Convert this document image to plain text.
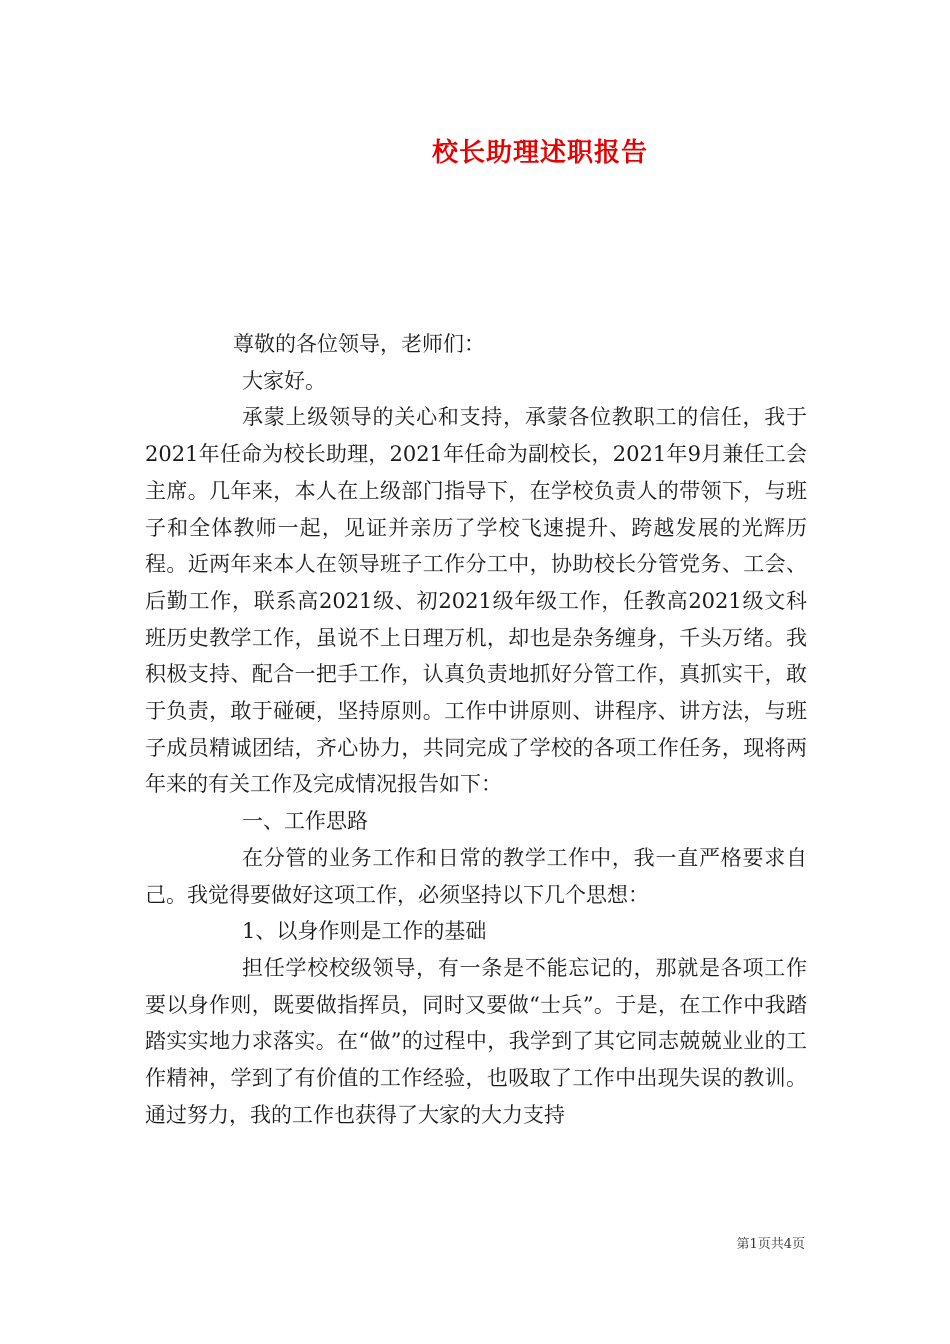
校长助理述职报告

尊敬的各位领导，老师们：

大家好。

承蒙上级领导的关心和支持，承蒙各位教职工的信任，我于2021年任命为校长助理，2021年任命为副校长，2021年9月兼任工会主席。几年来，本人在上级部门指导下，在学校负责人的带领下，与班子和全体教师一起，见证并亲历了学校飞速提升、跨越发展的光辉历程。近两年来本人在领导班子工作分工中，协助校长分管党务、工会、后勤工作，联系高2021级、初2021级年级工作，任教高2021级文科班历史教学工作，虽说不上日理万机，却也是杂务缠身，千头万绪。我积极支持、配合一把手工作，认真负责地抓好分管工作，真抓实干，敢于负责，敢于碰硬，坚持原则。工作中讲原则、讲程序、讲方法，与班子成员精诚团结，齐心协力，共同完成了学校的各项工作任务，现将两年来的有关工作及完成情况报告如下：

一、工作思路

在分管的业务工作和日常的教学工作中，我一直严格要求自己。我觉得要做好这项工作，必须坚持以下几个思想：

1、以身作则是工作的基础

担任学校校级领导，有一条是不能忘记的，那就是各项工作要以身作则，既要做指挥员，同时又要做“士兵”。于是，在工作中我踏踏实实地力求落实。在“做”的过程中，我学到了其它同志兢兢业业的工作精神，学到了有价值的工作经验，也吸取了工作中出现失误的教训。通过努力，我的工作也获得了大家的大力支持

第1页共4页
